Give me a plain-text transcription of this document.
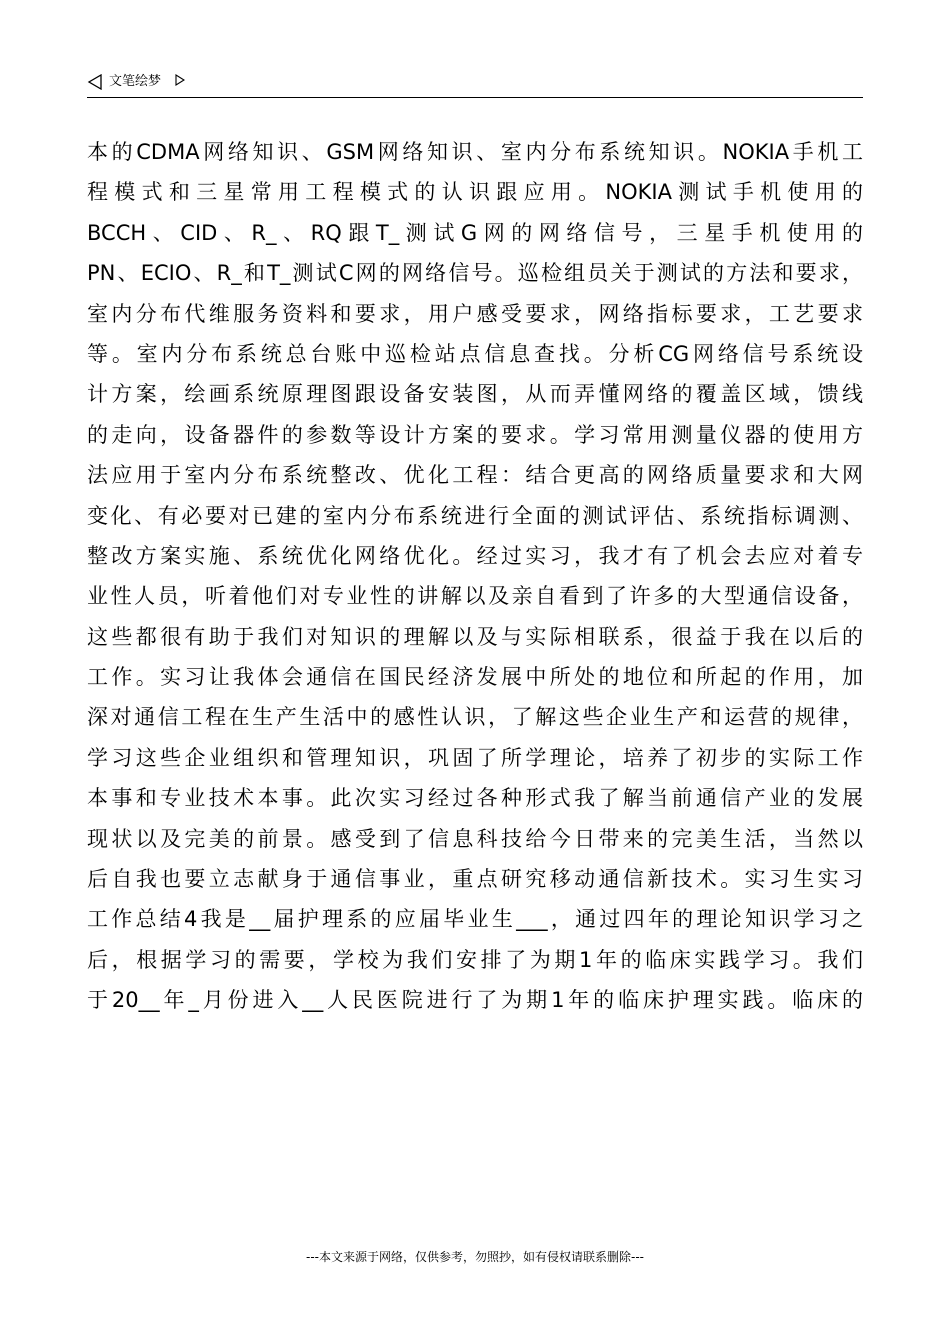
文笔绘梦
本的CDMA网络知识、GSM网络知识、室内分布系统知识。NOKIA手机工
程模式和三星常用工程模式的认识跟应用。NOKIA测试手机使用的
BCCH、CID、R_、RQ跟T_测试G网的网络信号，三星手机使用的
PN、ECIO、R_和T_测试C网的网络信号。巡检组员关于测试的方法和要求，
室内分布代维服务资料和要求，用户感受要求，网络指标要求，工艺要求
等。室内分布系统总台账中巡检站点信息查找。分析CG网络信号系统设
计方案，绘画系统原理图跟设备安装图，从而弄懂网络的覆盖区域，馈线
的走向，设备器件的参数等设计方案的要求。学习常用测量仪器的使用方
法应用于室内分布系统整改、优化工程：结合更高的网络质量要求和大网
变化、有必要对已建的室内分布系统进行全面的测试评估、系统指标调测、
整改方案实施、系统优化网络优化。经过实习，我才有了机会去应对着专
业性人员，听着他们对专业性的讲解以及亲自看到了许多的大型通信设备，
这些都很有助于我们对知识的理解以及与实际相联系，很益于我在以后的
工作。实习让我体会通信在国民经济发展中所处的地位和所起的作用，加
深对通信工程在生产生活中的感性认识，了解这些企业生产和运营的规律，
学习这些企业组织和管理知识，巩固了所学理论，培养了初步的实际工作
本事和专业技术本事。此次实习经过各种形式我了解当前通信产业的发展
现状以及完美的前景。感受到了信息科技给今日带来的完美生活，当然以
后自我也要立志献身于通信事业，重点研究移动通信新技术。实习生实习
工作总结4我是__届护理系的应届毕业生___，通过四年的理论知识学习之
后，根据学习的需要，学校为我们安排了为期1年的临床实践学习。我们
于20__年_月份进入__人民医院进行了为期1年的临床护理实践。临床的
---本文来源于网络，仅供参考，勿照抄，如有侵权请联系删除---
